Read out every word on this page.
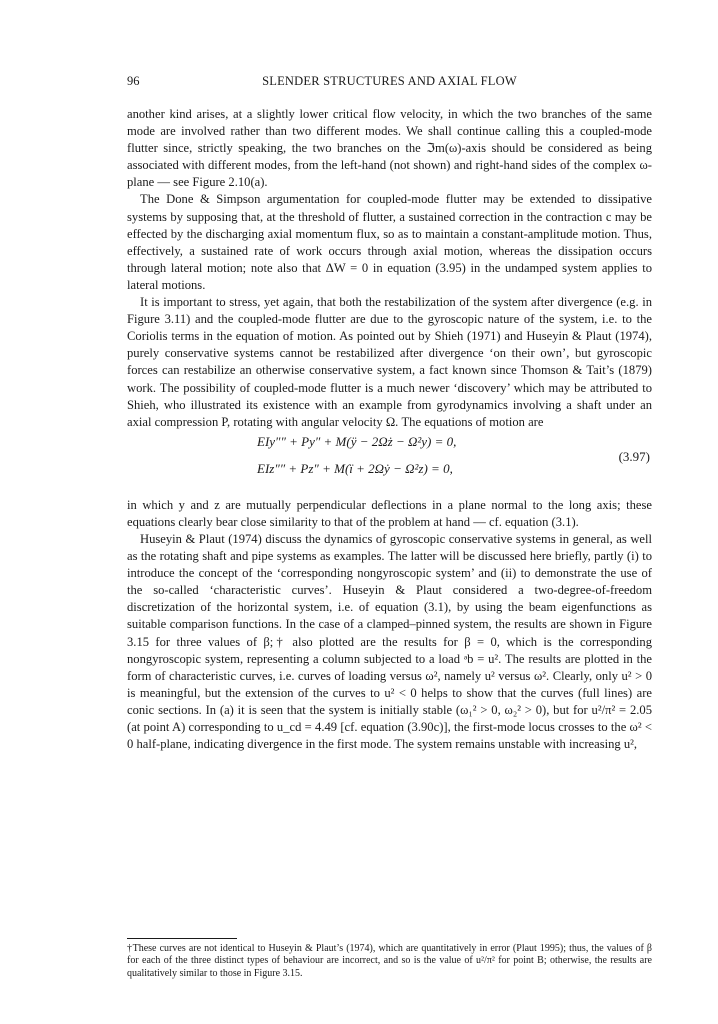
96	SLENDER STRUCTURES AND AXIAL FLOW

another kind arises, at a slightly lower critical flow velocity, in which the two branches of the same mode are involved rather than two different modes. We shall continue calling this a coupled-mode flutter since, strictly speaking, the two branches on the ℑm(ω)-axis should be considered as being associated with different modes, from the left-hand (not shown) and right-hand sides of the complex ω-plane — see Figure 2.10(a).

The Done & Simpson argumentation for coupled-mode flutter may be extended to dissipative systems by supposing that, at the threshold of flutter, a sustained correction in the contraction c may be effected by the discharging axial momentum flux, so as to maintain a constant-amplitude motion. Thus, effectively, a sustained rate of work occurs through axial motion, whereas the dissipation occurs through lateral motion; note also that ΔW = 0 in equation (3.95) in the undamped system applies to lateral motions.

It is important to stress, yet again, that both the restabilization of the system after divergence (e.g. in Figure 3.11) and the coupled-mode flutter are due to the gyroscopic nature of the system, i.e. to the Coriolis terms in the equation of motion. As pointed out by Shieh (1971) and Huseyin & Plaut (1974), purely conservative systems cannot be restabilized after divergence ‘on their own’, but gyroscopic forces can restabilize an otherwise conservative system, a fact known since Thomson & Tait’s (1879) work. The possibility of coupled-mode flutter is a much newer ‘discovery’ which may be attributed to Shieh, who illustrated its existence with an example from gyrodynamics involving a shaft under an axial compression P, rotating with angular velocity Ω. The equations of motion are

EIy″″ + Py″ + M(ÿ − 2Ωż − Ω²y) = 0,
EIz″″ + Pz″ + M(ï + 2Ωẏ − Ω²z) = 0,
(3.97)

in which y and z are mutually perpendicular deflections in a plane normal to the long axis; these equations clearly bear close similarity to that of the problem at hand — cf. equation (3.1).

Huseyin & Plaut (1974) discuss the dynamics of gyroscopic conservative systems in general, as well as the rotating shaft and pipe systems as examples. The latter will be discussed here briefly, partly (i) to introduce the concept of the ‘corresponding nongyroscopic system’ and (ii) to demonstrate the use of the so-called ‘characteristic curves’. Huseyin & Plaut considered a two-degree-of-freedom discretization of the horizontal system, i.e. of equation (3.1), by using the beam eigenfunctions as suitable comparison functions. In the case of a clamped–pinned system, the results are shown in Figure 3.15 for three values of β;† also plotted are the results for β = 0, which is the corresponding nongyroscopic system, representing a column subjected to a load ᵊb = u². The results are plotted in the form of characteristic curves, i.e. curves of loading versus ω², namely u² versus ω². Clearly, only u² > 0 is meaningful, but the extension of the curves to u² < 0 helps to show that the curves (full lines) are conic sections. In (a) it is seen that the system is initially stable (ω₁² > 0, ω₂² > 0), but for u²/π² = 2.05 (at point A) corresponding to u_cd = 4.49 [cf. equation (3.90c)], the first-mode locus crosses to the ω² < 0 half-plane, indicating divergence in the first mode. The system remains unstable with increasing u²,

†These curves are not identical to Huseyin & Plaut’s (1974), which are quantitatively in error (Plaut 1995); thus, the values of β for each of the three distinct types of behaviour are incorrect, and so is the value of u²/π² for point B; otherwise, the results are qualitatively similar to those in Figure 3.15.
